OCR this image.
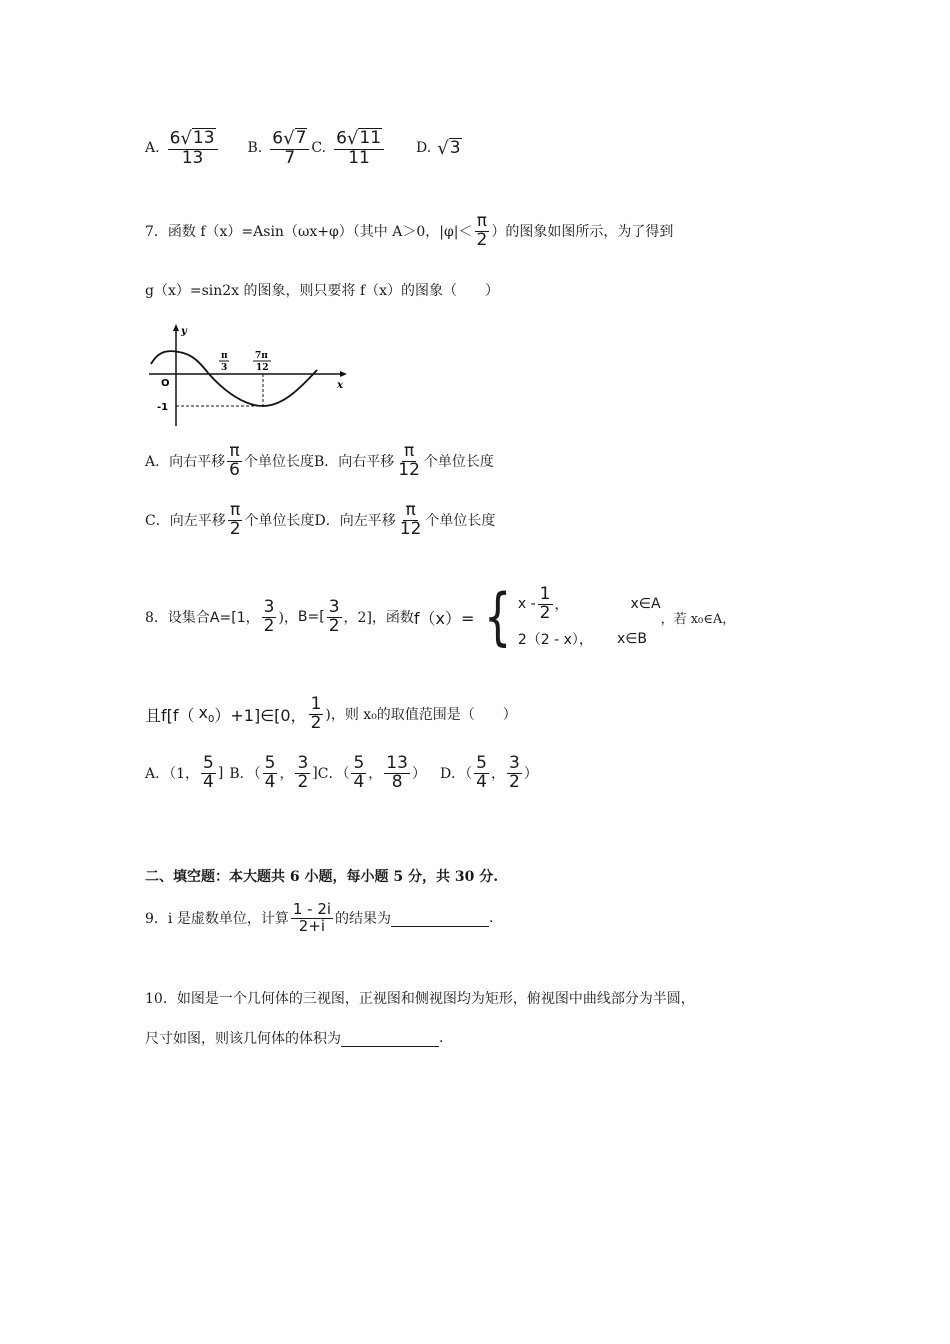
A. $\frac{6 √ 13}{13} B$. $\frac{6 √ 7}{7} C$. $\frac{6 √ 11}{11} D$. √ 3
7．函数 f（x）=Asin（ωx+φ）（其中 A＞0，$|\varphi|< \frac{\pi}{2}$ ）的图象如图所示，为了得到
g（x）=sin2x 的图象，则只要将 f（x）的图象（　　）
y
x
O
-1
π
3
7π
12
A．向右平移 $\frac{\pi}{6}$ 个单位长度 B．向右平移 $\frac{\pi}{12}$ 个单位长度
C．向左平移 $\frac{\pi}{2}$ 个单位长度 D．向左平移 $\frac{\pi}{12}$ 个单位长度
8．设集合 A=[1， $\frac{3}{2}$ )， $B=[ \frac{3}{2}$ ，2]，函数 f（x）= { x - $\frac{1}{2}$ ，	x∈A
2（2 - x）， x∈B
，若 x₀∈A，
且f[f（ $x_0$ ）+1]∈[0， $\frac{1}{2}$ )，则 x₀的取值范围是（　　）
A．（1， $\frac{5}{4}$ ] B．（ $\frac{5}{4}$ ， $\frac{3}{2}$ ] C．（ $\frac{5}{4}$ ， $\frac{13}{8}$ ） D．（ $\frac{5}{4}$ ， $\frac{3}{2}$ ）
二、填空题：本大题共 6 小题，每小题 5 分，共 30 分.
9．i 是虚数单位，计算 $\frac{1 - 2i}{2+i}$ 的结果为	.
10．如图是一个几何体的三视图，正视图和侧视图均为矩形，俯视图中曲线部分为半圆，
尺寸如图，则该几何体的体积为	.
